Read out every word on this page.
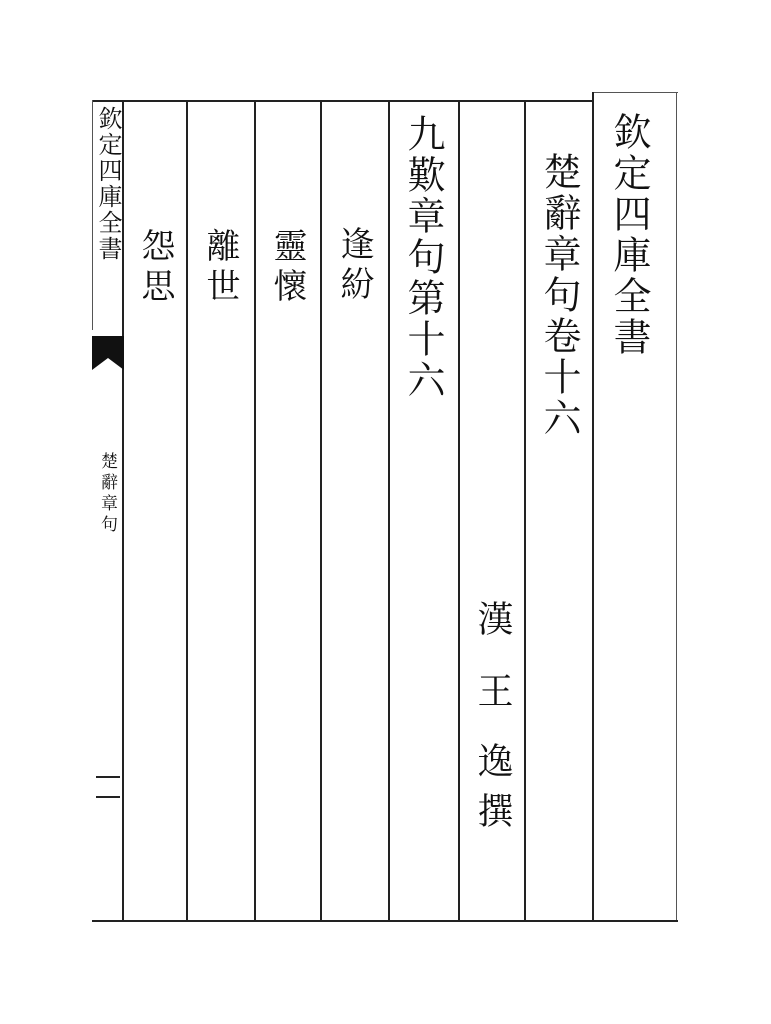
欽定四庫全書
楚辭章句卷十六
漢
王逸
撰
九歎章句第十六
逢紛
靈懷
離世
怨思
欽定四庫全書
楚辭章句
